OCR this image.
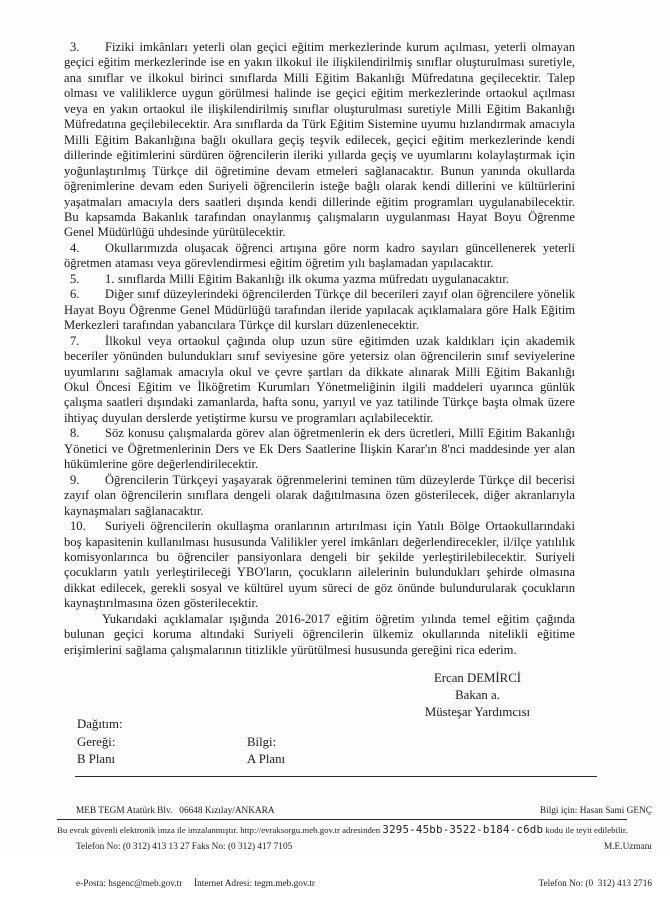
3. Fiziki imkânları yeterli olan geçici eğitim merkezlerinde kurum açılması, yeterli olmayan geçici eğitim merkezlerinde ise en yakın ilkokul ile ilişkilendirilmiş sınıflar oluşturulması suretiyle, ana sınıflar ve ilkokul birinci sınıflarda Milli Eğitim Bakanlığı Müfredatına geçilecektir. Talep olması ve valiliklerce uygun görülmesi halinde ise geçici eğitim merkezlerinde ortaokul açılması veya en yakın ortaokul ile ilişkilendirilmiş sınıflar oluşturulması suretiyle Milli Eğitim Bakanlığı Müfredatına geçilebilecektir. Ara sınıflarda da Türk Eğitim Sistemine uyumu hızlandırmak amacıyla Milli Eğitim Bakanlığına bağlı okullara geçiş teşvik edilecek, geçici eğitim merkezlerinde kendi dillerinde eğitimlerini sürdüren öğrencilerin ileriki yıllarda geçiş ve uyumlarını kolaylaştırmak için yoğunlaştırılmış Türkçe dil öğretimine devam etmeleri sağlanacaktır. Bunun yanında okullarda öğrenimlerine devam eden Suriyeli öğrencilerin isteğe bağlı olarak kendi dillerini ve kültürlerini yaşatmaları amacıyla ders saatleri dışında kendi dillerinde eğitim programları uygulanabilecektir. Bu kapsamda Bakanlık tarafından onaylanmış çalışmaların uygulanması Hayat Boyu Öğrenme Genel Müdürlüğü uhdesinde yürütülecektir.

4. Okullarımızda oluşacak öğrenci artışına göre norm kadro sayıları güncellenerek yeterli öğretmen ataması veya görevlendirmesi eğitim öğretim yılı başlamadan yapılacaktır.

5. 1. sınıflarda Milli Eğitim Bakanlığı ilk okuma yazma müfredatı uygulanacaktır.

6. Diğer sınıf düzeylerindeki öğrencilerden Türkçe dil becerileri zayıf olan öğrencilere yönelik Hayat Boyu Öğrenme Genel Müdürlüğü tarafından ileride yapılacak açıklamalara göre Halk Eğitim Merkezleri tarafından yabancılara Türkçe dil kursları düzenlenecektir.

7. İlkokul veya ortaokul çağında olup uzun süre eğitimden uzak kaldıkları için akademik beceriler yönünden bulundukları sınıf seviyesine göre yetersiz olan öğrencilerin sınıf seviyelerine uyumlarını sağlamak amacıyla okul ve çevre şartları da dikkate alınarak Milli Eğitim Bakanlığı Okul Öncesi Eğitim ve İlköğretim Kurumları Yönetmeliğinin ilgili maddeleri uyarınca günlük çalışma saatleri dışındaki zamanlarda, hafta sonu, yarıyıl ve yaz tatilinde Türkçe başta olmak üzere ihtiyaç duyulan derslerde yetiştirme kursu ve programları açılabilecektir.

8. Söz konusu çalışmalarda görev alan öğretmenlerin ek ders ücretleri, Millî Eğitim Bakanlığı Yönetici ve Öğretmenlerinin Ders ve Ek Ders Saatlerine İlişkin Karar'ın 8'nci maddesinde yer alan hükümlerine göre değerlendirilecektir.

9. Öğrencilerin Türkçeyi yaşayarak öğrenmelerini teminen tüm düzeylerde Türkçe dil becerisi zayıf olan öğrencilerin sınıflara dengeli olarak dağıtılmasına özen gösterilecek, diğer akranlarıyla kaynaşmaları sağlanacaktır.

10. Suriyeli öğrencilerin okullaşma oranlarının artırılması için Yatılı Bölge Ortaokullarındaki boş kapasitenin kullanılması hususunda Valilikler yerel imkânları değerlendirecekler, il/ilçe yatılılık komisyonlarınca bu öğrenciler pansiyonlara dengeli bir şekilde yerleştirilebilecektir. Suriyeli çocukların yatılı yerleştirileceği YBO'ların, çocukların ailelerinin bulundukları şehirde olmasına dikkat edilecek, gerekli sosyal ve kültürel uyum süreci de göz önünde bulundurularak çocukların kaynaştırılmasına özen gösterilecektir.

Yukarıdaki açıklamalar ışığında 2016-2017 eğitim öğretim yılında temel eğitim çağında bulunan geçici koruma altındaki Suriyeli öğrencilerin ülkemiz okullarında nitelikli eğitime erişimlerini sağlama çalışmalarının titizlikle yürütülmesi hususunda gereğini rica ederim.

Ercan DEMİRCİ
Bakan a.
Müsteşar Yardımcısı
Dağıtım:
Gereği:	Bilgi:
B Planı	A Planı

MEB TEGM Atatürk Blv.   06648 Kızılay/ANKARA

Telefon No: (0 312) 413 13 27 Faks No: (0 312) 417 7105

e-Posta: hsgenc@meb.gov.tr İnternet Adresi: tegm.meb.gov.tr

Bilgi için: Hasan Sami GENÇ

M.E.Uzmanı

Telefon No: (0  312) 413 2716

Bu evrak güvenli elektronik imza ile imzalanmıştır. http://evraksorgu.meb.gov.tr adresinden 3295-45bb-3522-b184-c6db kodu ile teyit edilebilir.
